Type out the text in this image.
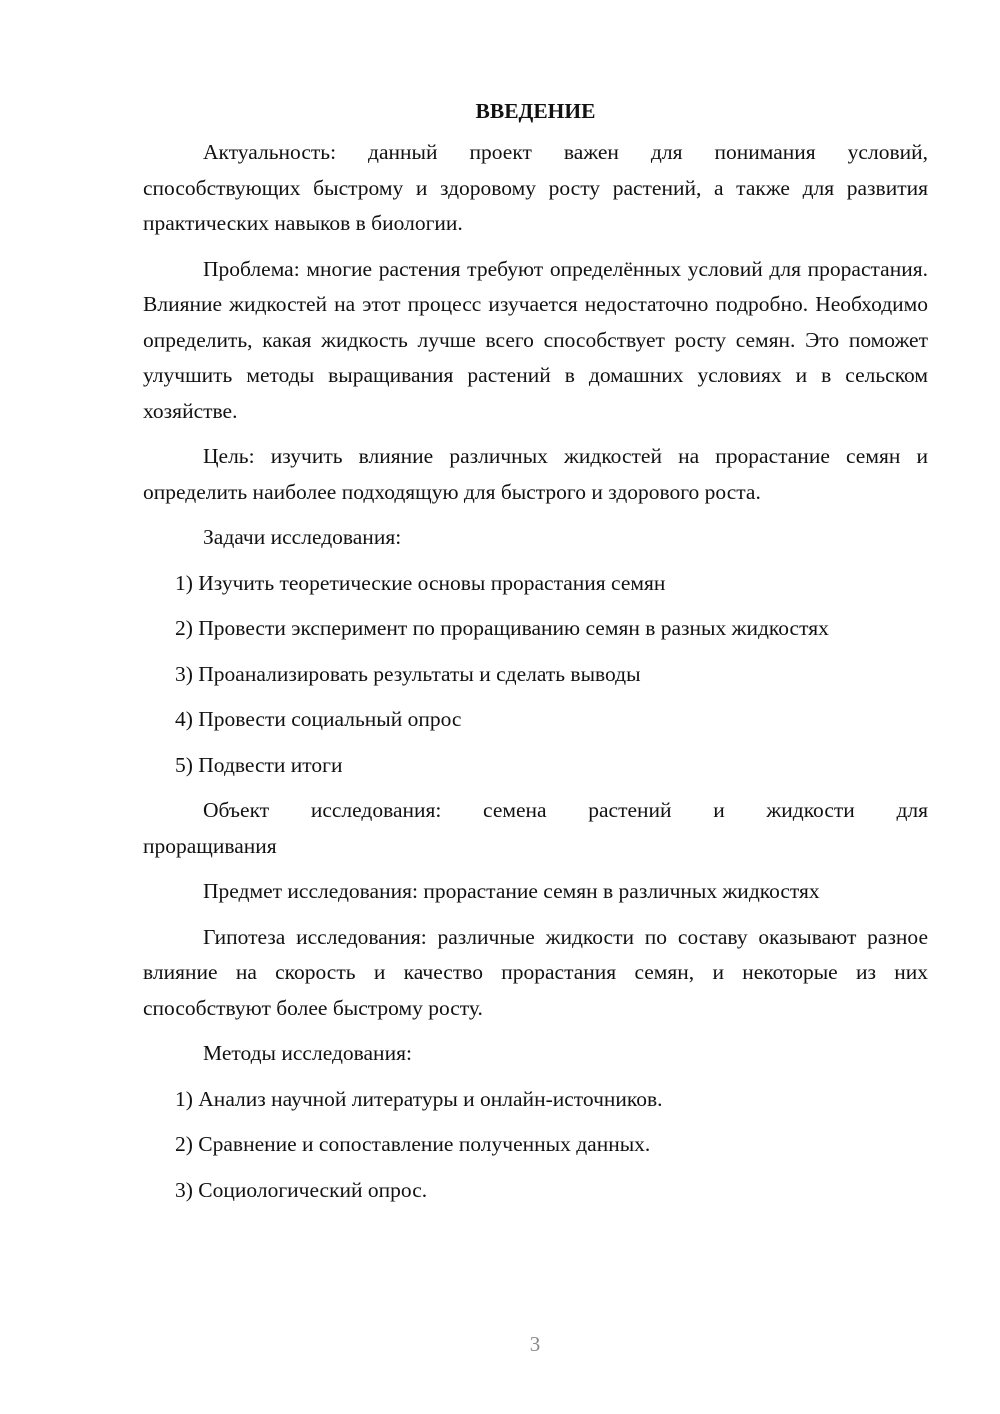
ВВЕДЕНИЕ

Актуальность: данный проект важен для понимания условий, способствующих быстрому и здоровому росту растений, а также для развития практических навыков в биологии.

Проблема: многие растения требуют определённых условий для прорастания. Влияние жидкостей на этот процесс изучается недостаточно подробно. Необходимо определить, какая жидкость лучше всего способствует росту семян. Это поможет улучшить методы выращивания растений в домашних условиях и в сельском хозяйстве.

Цель: изучить влияние различных жидкостей на прорастание семян и определить наиболее подходящую для быстрого и здорового роста.

Задачи исследования:

1) Изучить теоретические основы прорастания семян
2) Провести эксперимент по проращиванию семян в разных жидкостях
3) Проанализировать результаты и сделать выводы
4) Провести социальный опрос
5) Подвести итоги

Объект исследования: семена растений и жидкости для

проращивания

Предмет исследования: прорастание семян в различных жидкостях

Гипотеза исследования: различные жидкости по составу оказывают разное влияние на скорость и качество прорастания семян, и некоторые из них способствуют более быстрому росту.

Методы исследования:

1) Анализ научной литературы и онлайн-источников.
2) Сравнение и сопоставление полученных данных.
3) Социологический опрос.
3
